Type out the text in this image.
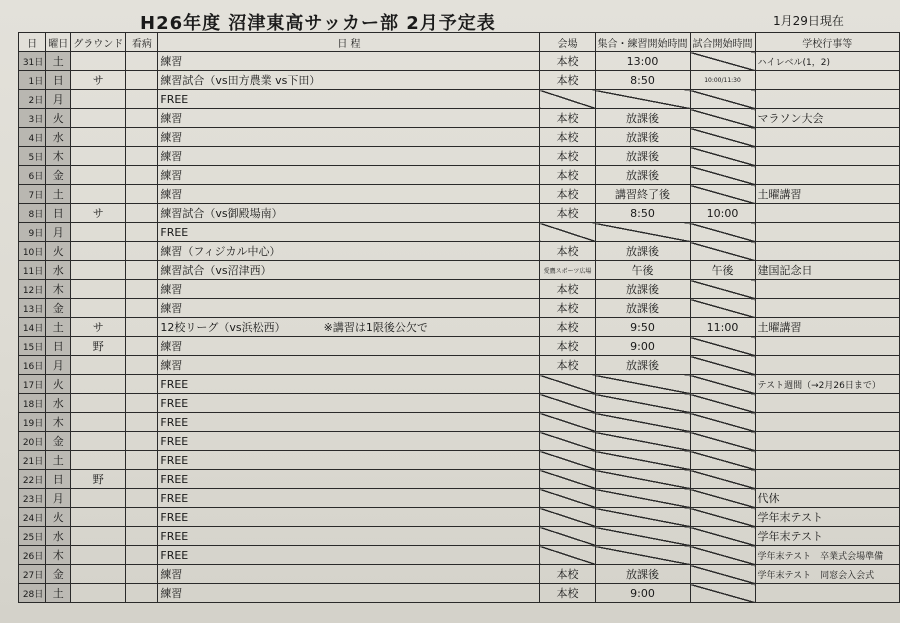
H26年度 沼津東高サッカー部 2月予定表	1月29日現在
日	曜日	グラウンド	看病	日 程	会場	集合・練習開始時間	試合開始時間	学校行事等
31日	土			練習	本校	13:00		ハイレベル(1，2)
1日	日	サ		練習試合（vs田方農業 vs下田）	本校	8:50	10:00/11:30	
2日	月			FREE				
3日	火			練習	本校	放課後		マラソン大会
4日	水			練習	本校	放課後		
5日	木			練習	本校	放課後		
6日	金			練習	本校	放課後		
7日	土			練習	本校	講習終了後		土曜講習
8日	日	サ		練習試合（vs御殿場南）	本校	8:50	10:00	
9日	月			FREE				
10日	火			練習（フィジカル中心）	本校	放課後		
11日	水			練習試合（vs沼津西）	愛鷹スポーツ広場	午後	午後	建国記念日
12日	木			練習	本校	放課後		
13日	金			練習	本校	放課後		
14日	土	サ		12校リーグ（vs浜松西） ※講習は1限後公欠で	本校	9:50	11:00	土曜講習
15日	日	野		練習	本校	9:00		
16日	月			練習	本校	放課後		
17日	火			FREE				テスト週間（→2月26日まで）
18日	水			FREE				
19日	木			FREE				
20日	金			FREE				
21日	土			FREE				
22日	日	野		FREE				
23日	月			FREE				代休
24日	火			FREE				学年末テスト
25日	水			FREE				学年末テスト
26日	木			FREE				学年末テスト　卒業式会場準備
27日	金			練習	本校	放課後		学年末テスト　同窓会入会式
28日	土			練習	本校	9:00		
